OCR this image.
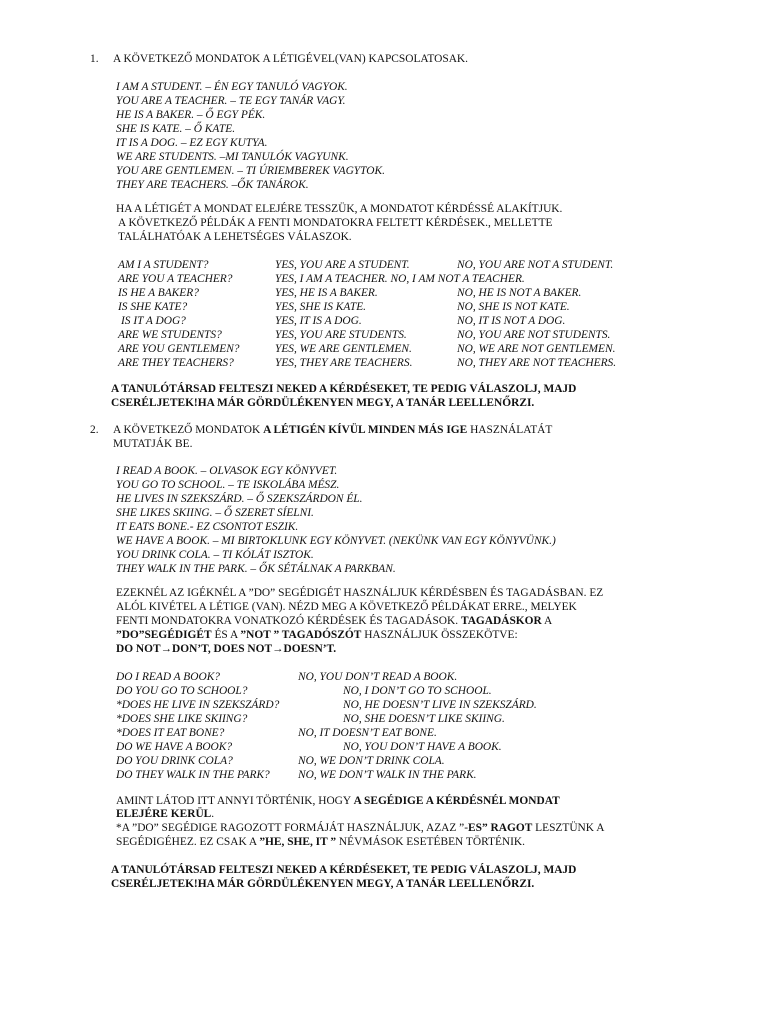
1. A KÖVETKEZŐ MONDATOK A LÉTIGÉVEL(VAN) KAPCSOLATOSAK.
I AM A STUDENT. – ÉN EGY TANULÓ VAGYOK.
YOU ARE A TEACHER. – TE EGY TANÁR VAGY.
HE IS A BAKER. – Ő EGY PÉK.
SHE IS KATE. – Ő KATE.
IT IS A DOG. – EZ EGY KUTYA.
WE ARE STUDENTS. –MI TANULÓK VAGYUNK.
YOU ARE GENTLEMEN. – TI ÚRIEMBEREK VAGYTOK.
THEY ARE TEACHERS. –ŐK TANÁROK.
HA A LÉTIGÉT A MONDAT ELEJÉRE TESSZÜK, A MONDATOT KÉRDÉSSÉ ALAKÍTJUK.
A KÖVETKEZŐ PÉLDÁK A FENTI MONDATOKRA FELTETT KÉRDÉSEK., MELLETTE
TALÁLHATÓAK A LEHETSÉGES VÁLASZOK.
AM I A STUDENT?	YES, YOU ARE A STUDENT.	NO, YOU ARE NOT A STUDENT.
ARE YOU A TEACHER?	YES, I AM A TEACHER. NO, I AM NOT A TEACHER.
IS HE A BAKER?	YES, HE IS A BAKER.	NO, HE IS NOT A BAKER.
IS SHE KATE?	YES, SHE IS KATE.	NO, SHE IS NOT KATE.
IS IT A DOG?	YES, IT IS A DOG.	NO, IT IS NOT A DOG.
ARE WE STUDENTS?	YES, YOU ARE STUDENTS.	NO, YOU ARE NOT STUDENTS.
ARE YOU GENTLEMEN?	YES, WE ARE GENTLEMEN.	NO, WE ARE NOT GENTLEMEN.
ARE THEY TEACHERS?	YES, THEY ARE TEACHERS.	NO, THEY ARE NOT TEACHERS.
A TANULÓTÁRSAD FELTESZI NEKED A KÉRDÉSEKET, TE PEDIG VÁLASZOLJ, MAJD
CSERÉLJETEK!HA MÁR GÖRDÜLÉKENYEN MEGY, A TANÁR LEELLENŐRZI.
2. A KÖVETKEZŐ MONDATOK A LÉTIGÉN KÍVÜL MINDEN MÁS IGE HASZNÁLATÁT
MUTATJÁK BE.
I READ A BOOK. – OLVASOK EGY KÖNYVET.
YOU GO TO SCHOOL. – TE ISKOLÁBA MÉSZ.
HE LIVES IN SZEKSZÁRD. – Ő SZEKSZÁRDON ÉL.
SHE LIKES SKIING. – Ő SZERET SÍELNI.
IT EATS BONE.- EZ CSONTOT ESZIK.
WE HAVE A BOOK. – MI BIRTOKLUNK EGY KÖNYVET. (NEKÜNK VAN EGY KÖNYVÜNK.)
YOU DRINK COLA. – TI KÓLÁT ISZTOK.
THEY WALK IN THE PARK. – ŐK SÉTÁLNAK A PARKBAN.
EZEKNÉL AZ IGÉKNÉL A ”DO” SEGÉDIGÉT HASZNÁLJUK KÉRDÉSBEN ÉS TAGADÁSBAN. EZ
ALÓL KIVÉTEL A LÉTIGE (VAN). NÉZD MEG A KÖVETKEZŐ PÉLDÁKAT ERRE., MELYEK
FENTI MONDATOKRA VONATKOZÓ KÉRDÉSEK ÉS TAGADÁSOK. TAGADÁSKOR A
”DO”SEGÉDIGÉT ÉS A ”NOT ” TAGADÓSZÓT HASZNÁLJUK ÖSSZEKÖTVE:
DO NOT→DON’T, DOES NOT→DOESN’T.
DO I READ A BOOK?	NO, YOU DON’T READ A BOOK.
DO YOU GO TO SCHOOL?	NO, I DON’T GO TO SCHOOL.
*DOES HE LIVE IN SZEKSZÁRD?	NO, HE DOESN’T LIVE IN SZEKSZÁRD.
*DOES SHE LIKE SKIING?	NO, SHE DOESN’T LIKE SKIING.
*DOES IT EAT BONE?	NO, IT DOESN’T EAT BONE.
DO WE HAVE A BOOK?	NO, YOU DON’T HAVE A BOOK.
DO YOU DRINK COLA?	NO, WE DON’T DRINK COLA.
DO THEY WALK IN THE PARK? NO, WE DON’T WALK IN THE PARK.
AMINT LÁTOD ITT ANNYI TÖRTÉNIK, HOGY A SEGÉDIGE A KÉRDÉSNÉL MONDAT
ELEJÉRE KERÜL.
*A ”DO” SEGÉDIGE RAGOZOTT FORMÁJÁT HASZNÁLJUK, AZAZ ”-ES” RAGOT LESZTÜNK A
SEGÉDIGÉHEZ. EZ CSAK A ”HE, SHE, IT ” NÉVMÁSOK ESETÉBEN TÖRTÉNIK.
A TANULÓTÁRSAD FELTESZI NEKED A KÉRDÉSEKET, TE PEDIG VÁLASZOLJ, MAJD
CSERÉLJETEK!HA MÁR GÖRDÜLÉKENYEN MEGY, A TANÁR LEELLENŐRZI.
